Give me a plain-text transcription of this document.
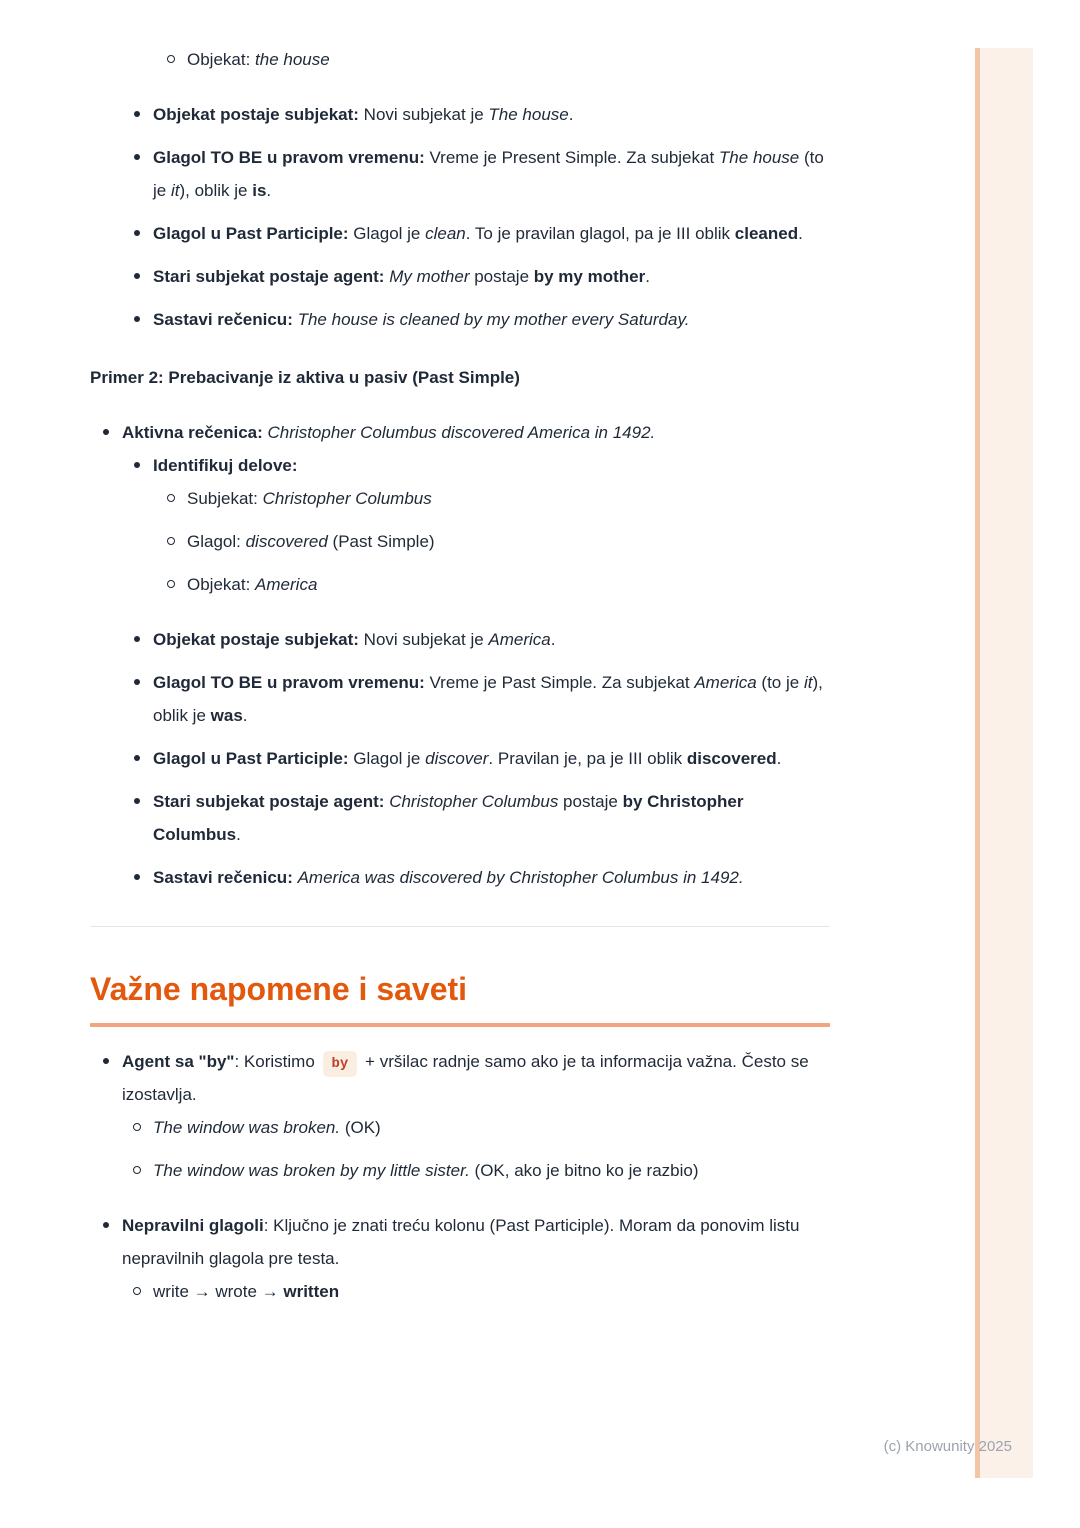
Objekat: the house
Objekat postaje subjekat: Novi subjekat je The house.
Glagol TO BE u pravom vremenu: Vreme je Present Simple. Za subjekat The house (to je it), oblik je is.
Glagol u Past Participle: Glagol je clean. To je pravilan glagol, pa je III oblik cleaned.
Stari subjekat postaje agent: My mother postaje by my mother.
Sastavi rečenicu: The house is cleaned by my mother every Saturday.
Primer 2: Prebacivanje iz aktiva u pasiv (Past Simple)
Aktivna rečenica: Christopher Columbus discovered America in 1492.
Identifikuj delove:
Subjekat: Christopher Columbus
Glagol: discovered (Past Simple)
Objekat: America
Objekat postaje subjekat: Novi subjekat je America.
Glagol TO BE u pravom vremenu: Vreme je Past Simple. Za subjekat America (to je it), oblik je was.
Glagol u Past Participle: Glagol je discover. Pravilan je, pa je III oblik discovered.
Stari subjekat postaje agent: Christopher Columbus postaje by Christopher Columbus.
Sastavi rečenicu: America was discovered by Christopher Columbus in 1492.
Važne napomene i saveti
Agent sa "by": Koristimo by + vršilac radnje samo ako je ta informacija važna. Često se izostavlja.
The window was broken. (OK)
The window was broken by my little sister. (OK, ako je bitno ko je razbio)
Nepravilni glagoli: Ključno je znati treću kolonu (Past Participle). Moram da ponovim listu nepravilnih glagola pre testa.
write → wrote → written
(c) Knowunity 2025
